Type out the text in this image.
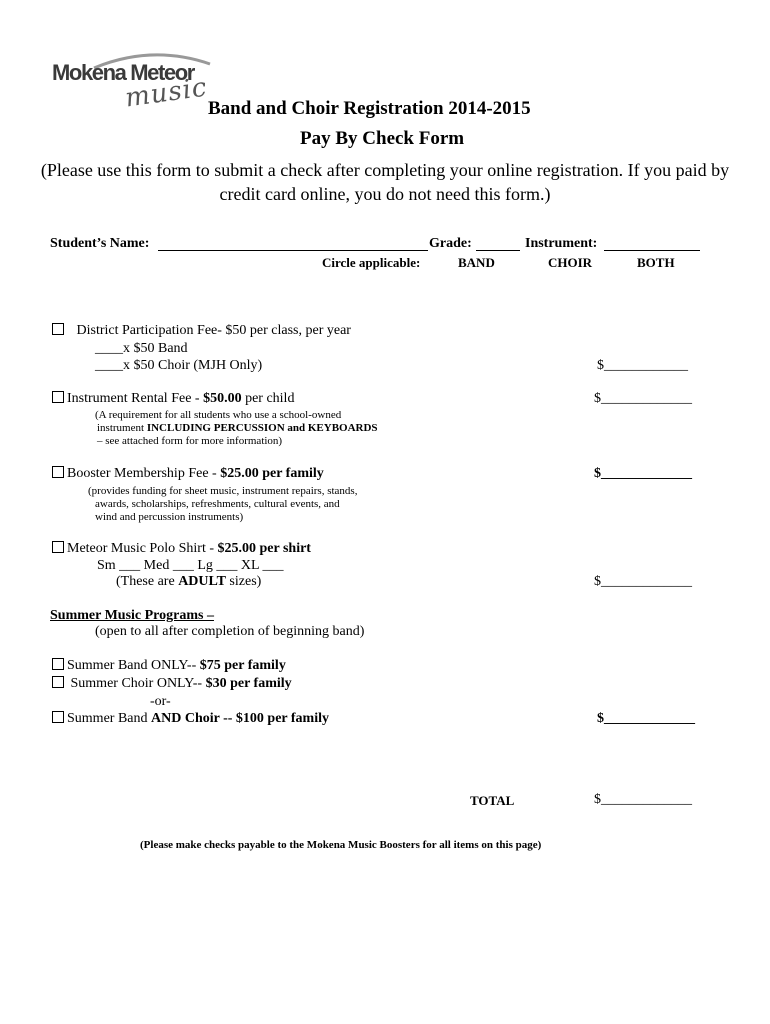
Mokena Meteor
music
Band and Choir Registration 2014-2015
Pay By Check Form
(Please use this form to submit a check after completing your online registration. If you paid by credit card online, you do not need this form.)
Student’s Name:	Grade:	Instrument:
Circle applicable:	BAND	CHOIR	BOTH
District Participation Fee- $50 per class, per year
____x $50 Band
____x $50 Choir (MJH Only)	$____________
Instrument Rental Fee - $50.00 per child	$_____________
(A requirement for all students who use a school-owned
instrument INCLUDING PERCUSSION and KEYBOARDS
– see attached form for more information)
Booster Membership Fee - $25.00 per family	$_____________
(provides funding for sheet music, instrument repairs, stands,
awards, scholarships, refreshments, cultural events, and
wind and percussion instruments)
Meteor Music Polo Shirt - $25.00 per shirt
Sm ___ Med ___ Lg ___ XL ___
(These are ADULT sizes)	$_____________
Summer Music Programs –
(open to all after completion of beginning band)
Summer Band ONLY-- $75 per family
Summer Choir ONLY-- $30 per family
-or-
Summer Band AND Choir -- $100 per family	$_____________
TOTAL	$_____________
(Please make checks payable to the Mokena Music Boosters for all items on this page)
